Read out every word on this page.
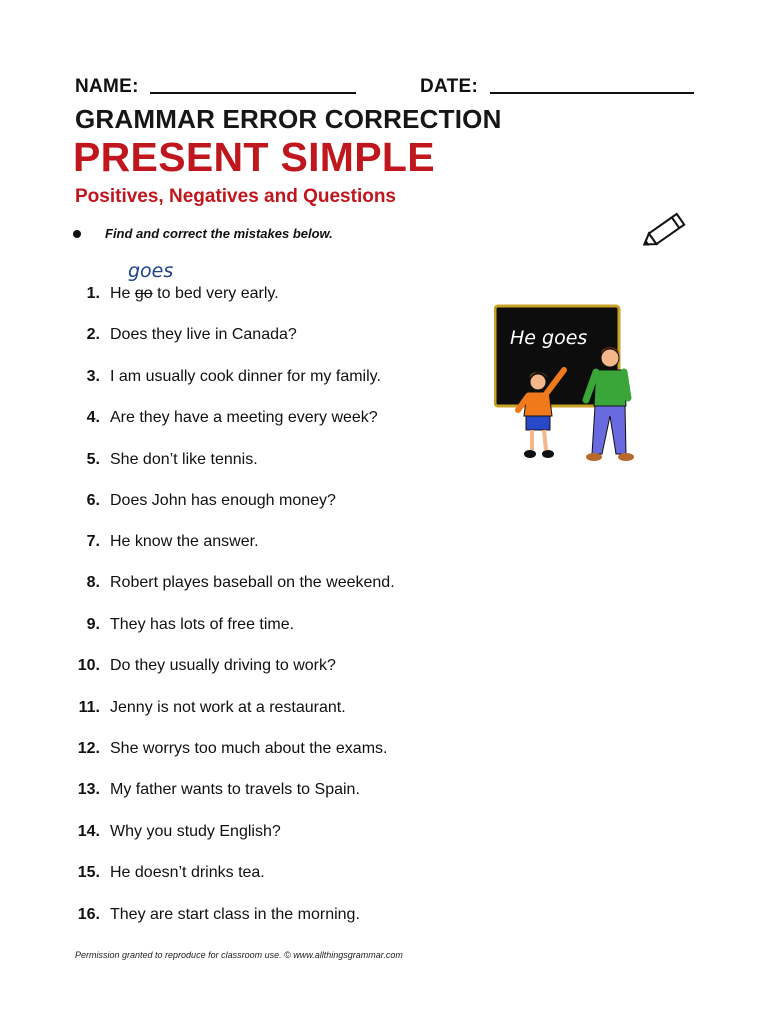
NAME:	DATE:
GRAMMAR ERROR CORRECTION
PRESENT SIMPLE
Positives, Negatives and Questions
Find and correct the mistakes below.
goes
1. He go to bed very early.
2. Does they live in Canada?
3. I am usually cook dinner for my family.
4. Are they have a meeting every week?
5. She don’t like tennis.
6. Does John has enough money?
7. He know the answer.
8. Robert playes baseball on the weekend.
9. They has lots of free time.
10. Do they usually driving to work?
11. Jenny is not work at a restaurant.
12. She worrys too much about the exams.
13. My father wants to travels to Spain.
14. Why you study English?
15. He doesn’t drinks tea.
16. They are start class in the morning.
He goes
Permission granted to reproduce for classroom use. © www.allthingsgrammar.com
